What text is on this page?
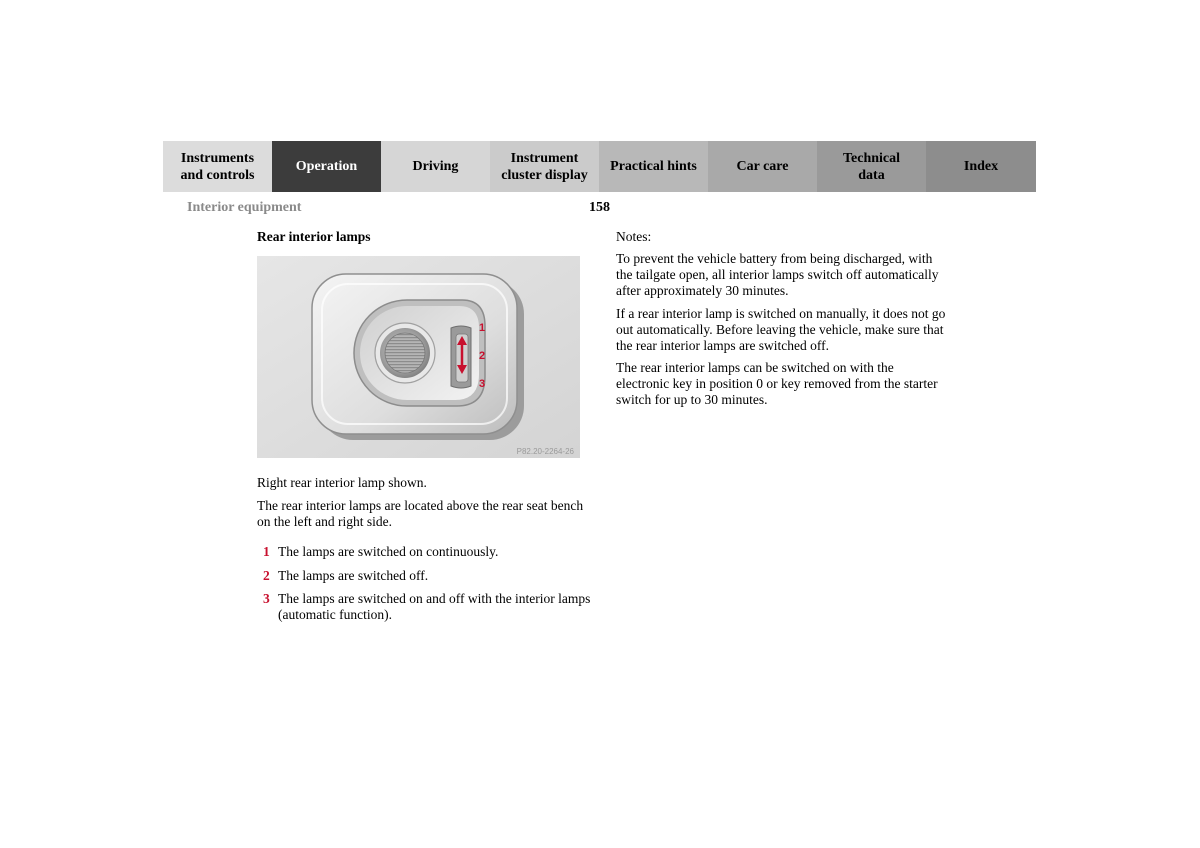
Instruments
and controls
Operation	Driving
Instrument
cluster display
Practical hints	Car care
Technical
data
Index
Interior equipment	158
Rear interior lamps
1
2
3
P82.20-2264-26

Right rear interior lamp shown.

The rear interior lamps are located above the rear seat bench on the left and right side.

1 The lamps are switched on continuously.
2 The lamps are switched off.
3 The lamps are switched on and off with the interior lamps (automatic function).
Notes:

To prevent the vehicle battery from being discharged, with the tailgate open, all interior lamps switch off automatically after approximately 30 minutes.

If a rear interior lamp is switched on manually, it does not go out automatically. Before leaving the vehicle, make sure that the rear interior lamps are switched off.

The rear interior lamps can be switched on with the electronic key in position 0 or key removed from the starter switch for up to 30 minutes.
